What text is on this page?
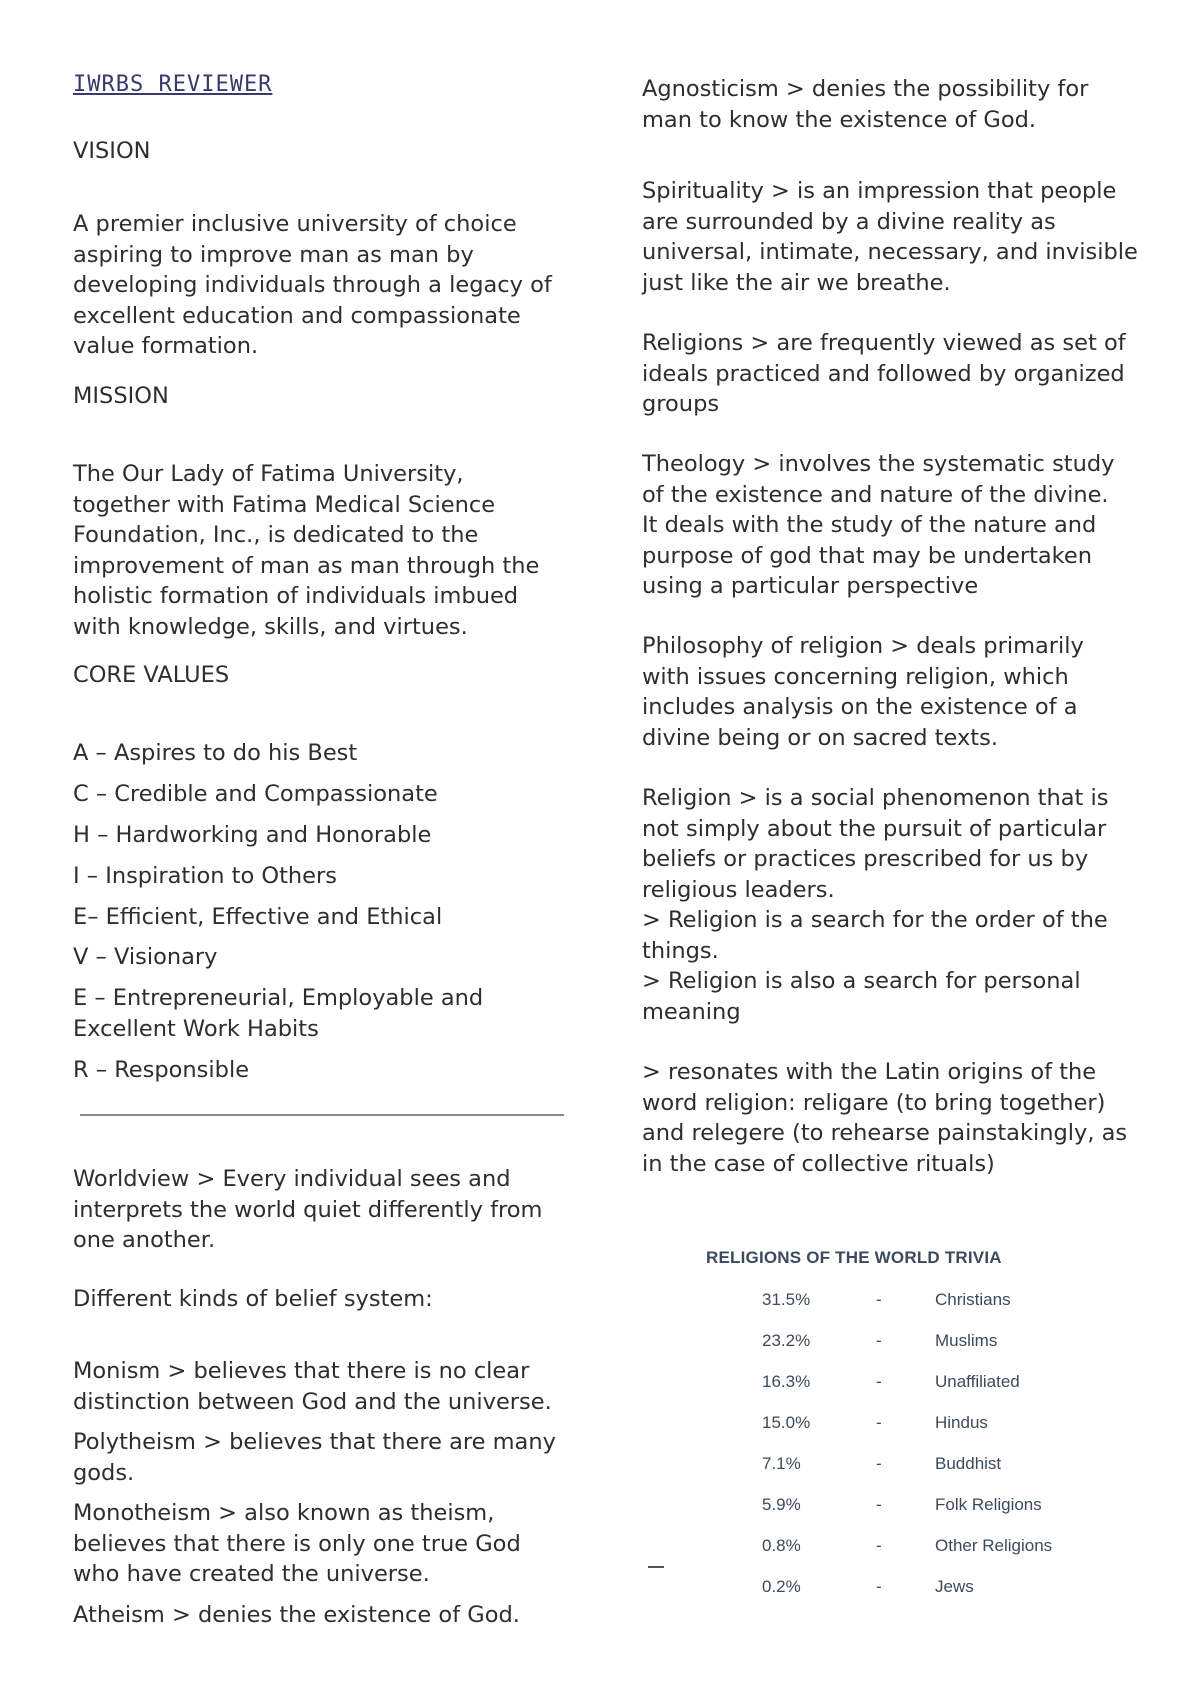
IWRBS REVIEWER
VISION
A premier inclusive university of choice
aspiring to improve man as man by
developing individuals through a legacy of
excellent education and compassionate
value formation.
MISSION
The Our Lady of Fatima University,
together with Fatima Medical Science
Foundation, Inc., is dedicated to the
improvement of man as man through the
holistic formation of individuals imbued
with knowledge, skills, and virtues.
CORE VALUES
A – Aspires to do his Best
C – Credible and Compassionate
H – Hardworking and Honorable
I – Inspiration to Others
E– Efficient, Effective and Ethical
V – Visionary
E – Entrepreneurial, Employable and
Excellent Work Habits
R – Responsible
Worldview > Every individual sees and
interprets the world quiet differently from
one another.
Different kinds of belief system:
Monism > believes that there is no clear
distinction between God and the universe.
Polytheism > believes that there are many
gods.
Monotheism > also known as theism,
believes that there is only one true God
who have created the universe.
Atheism > denies the existence of God.
Agnosticism > denies the possibility for
man to know the existence of God.
Spirituality > is an impression that people
are surrounded by a divine reality as
universal, intimate, necessary, and invisible
just like the air we breathe.
Religions > are frequently viewed as set of
ideals practiced and followed by organized
groups
Theology > involves the systematic study
of the existence and nature of the divine.
It deals with the study of the nature and
purpose of god that may be undertaken
using a particular perspective
Philosophy of religion > deals primarily
with issues concerning religion, which
includes analysis on the existence of a
divine being or on sacred texts.
Religion > is a social phenomenon that is
not simply about the pursuit of particular
beliefs or practices prescribed for us by
religious leaders.
> Religion is a search for the order of the
things.
> Religion is also a search for personal
meaning
> resonates with the Latin origins of the
word religion: religare (to bring together)
and relegere (to rehearse painstakingly, as
in the case of collective rituals)
RELIGIONS OF THE WORLD TRIVIA
31.5%	-	Christians
23.2%	-	Muslims
16.3%	-	Unaffiliated
15.0%	-	Hindus
7.1%	-	Buddhist
5.9%	-	Folk Religions
0.8%	-	Other Religions
0.2%	-	Jews
